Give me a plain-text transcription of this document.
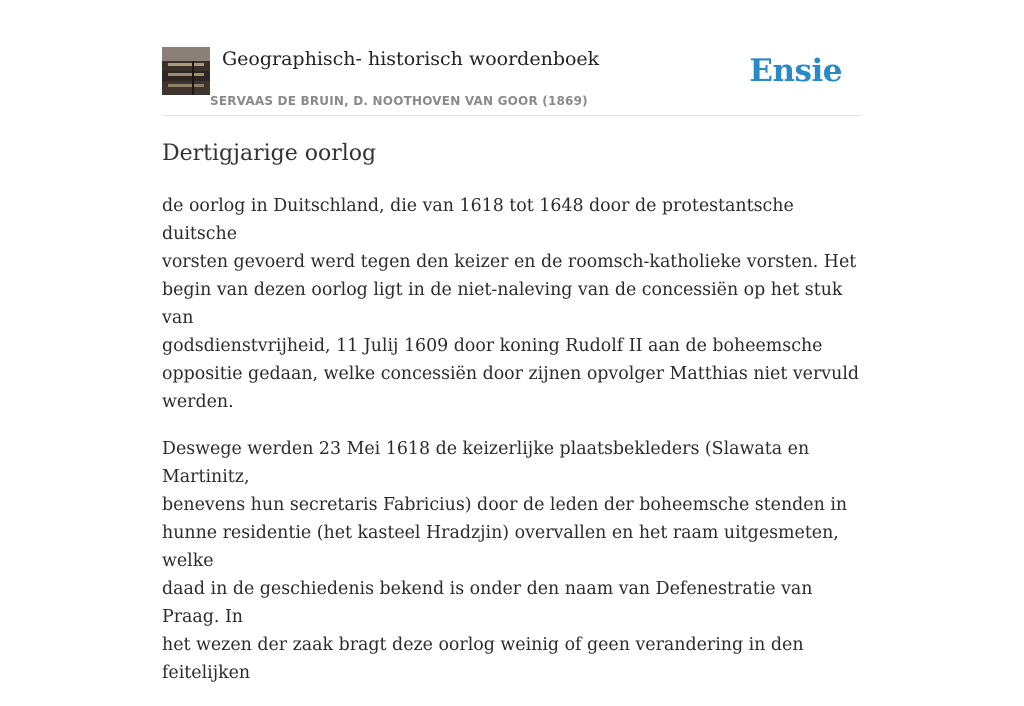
Geographisch- historisch woordenboek
SERVAAS DE BRUIN, D. NOOTHOVEN VAN GOOR (1869)
Ensie
Dertigjarige oorlog

de oorlog in Duitschland, die van 1618 tot 1648 door de protestantsche duitsche
vorsten gevoerd werd tegen den keizer en de roomsch-katholieke vorsten. Het
begin van dezen oorlog ligt in de niet-naleving van de concessiën op het stuk van
godsdienstvrijheid, 11 Julij 1609 door koning Rudolf II aan de boheemsche
oppositie gedaan, welke concessiën door zijnen opvolger Matthias niet vervuld
werden.

Deswege werden 23 Mei 1618 de keizerlijke plaatsbekleders (Slawata en Martinitz,
benevens hun secretaris Fabricius) door de leden der boheemsche stenden in
hunne residentie (het kasteel Hradzjin) overvallen en het raam uitgesmeten, welke
daad in de geschiedenis bekend is onder den naam van Defenestratie van Praag. In
het wezen der zaak bragt deze oorlog weinig of geen verandering in den feitelijken
